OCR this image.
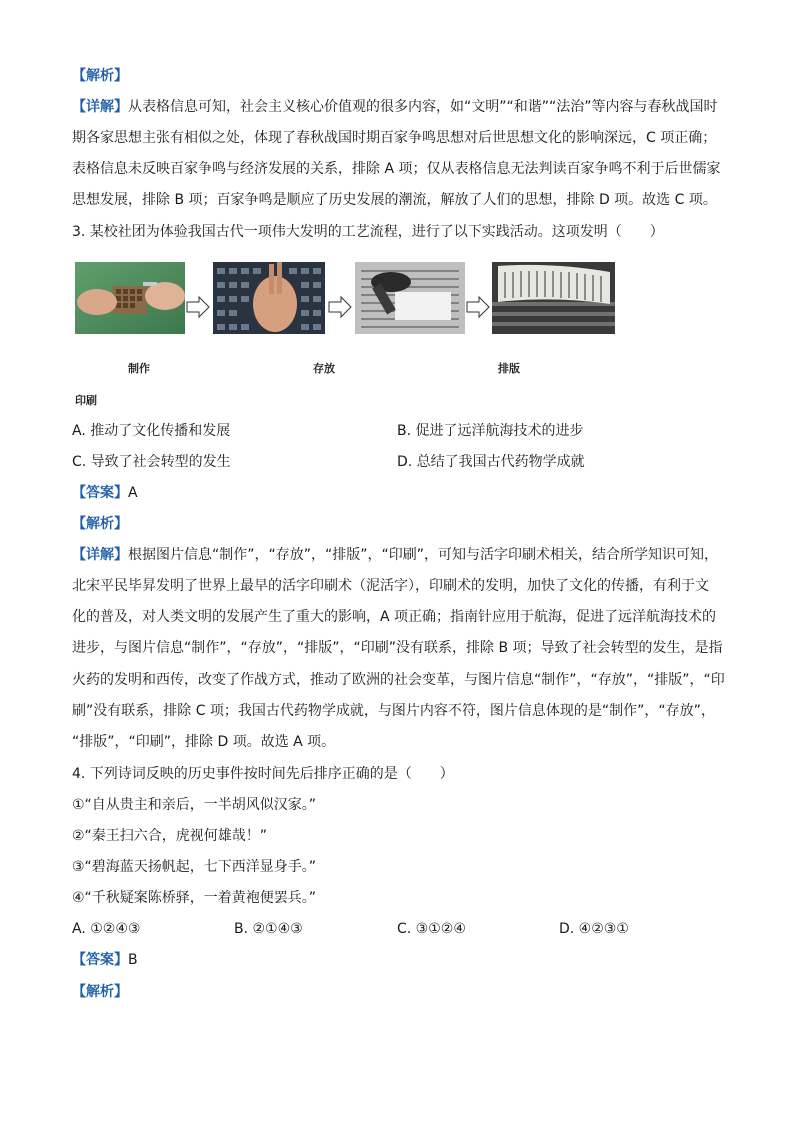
【解析】
【详解】从表格信息可知，社会主义核心价值观的很多内容，如“文明”“和谐”“法治”等内容与春秋战国时
期各家思想主张有相似之处，体现了春秋战国时期百家争鸣思想对后世思想文化的影响深远，C 项正确；
表格信息未反映百家争鸣与经济发展的关系，排除 A 项；仅从表格信息无法判读百家争鸣不利于后世儒家
思想发展，排除 B 项；百家争鸣是顺应了历史发展的潮流，解放了人们的思想，排除 D 项。故选 C 项。
3. 某校社团为体验我国古代一项伟大发明的工艺流程，进行了以下实践活动。这项发明（　　）
制作	存放	排版
印刷
A. 推动了文化传播和发展	B. 促进了远洋航海技术的进步
C. 导致了社会转型的发生	D. 总结了我国古代药物学成就
【答案】A
【解析】
【详解】根据图片信息“制作”，“存放”，“排版”，“印刷”，可知与活字印刷术相关，结合所学知识可知，
北宋平民毕昇发明了世界上最早的活字印刷术（泥活字），印刷术的发明，加快了文化的传播，有利于文
化的普及，对人类文明的发展产生了重大的影响，A 项正确；指南针应用于航海，促进了远洋航海技术的
进步，与图片信息“制作”，“存放”，“排版”，“印刷”没有联系，排除 B 项；导致了社会转型的发生，是指
火药的发明和西传，改变了作战方式，推动了欧洲的社会变革，与图片信息“制作”，“存放”，“排版”，“印
刷”没有联系，排除 C 项；我国古代药物学成就，与图片内容不符，图片信息体现的是“制作”，“存放”，
“排版”，“印刷”，排除 D 项。故选 A 项。
4. 下列诗词反映的历史事件按时间先后排序正确的是（　　）
①“自从贵主和亲后，一半胡风似汉家。”
②“秦王扫六合，虎视何雄哉！”
③“碧海蓝天扬帆起，七下西洋显身手。”
④“千秋疑案陈桥驿，一着黄袍便罢兵。”
A. ①②④③	B. ②①④③	C. ③①②④	D. ④②③①
【答案】B
【解析】
